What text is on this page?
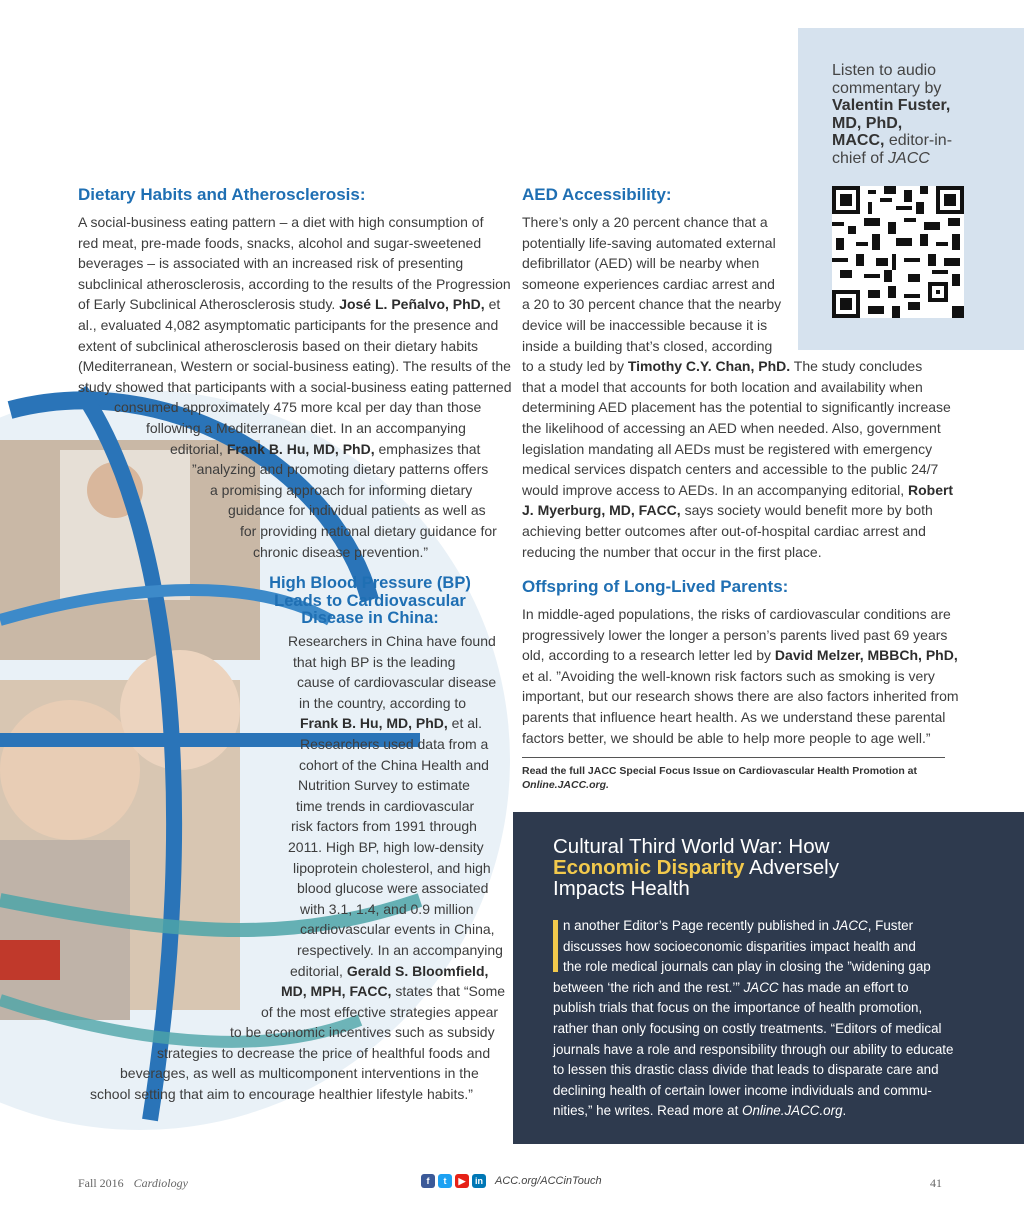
Listen to audio
commentary by
Valentin Fuster,
MD, PhD,
MACC, editor-in-
chief of JACC
Dietary Habits and Atherosclerosis:
A social-business eating pattern – a diet with high consumption of
red meat, pre-made foods, snacks, alcohol and sugar-sweetened
beverages – is associated with an increased risk of presenting
subclinical atherosclerosis, according to the results of the Progression
of Early Subclinical Atherosclerosis study. José L. Peñalvo, PhD, et
al., evaluated 4,082 asymptomatic participants for the presence and
extent of subclinical atherosclerosis based on their dietary habits
(Mediterranean, Western or social-business eating). The results of the
study showed that participants with a social-business eating patterned
consumed approximately 475 more kcal per day than those
following a Mediterranean diet. In an accompanying
editorial, Frank B. Hu, MD, PhD, emphasizes that
”analyzing and promoting dietary patterns offers
a promising approach for informing dietary
guidance for individual patients as well as
for providing national dietary guidance for
chronic disease prevention.”
High Blood Pressure (BP)
Leads to Cardiovascular
Disease in China:
Researchers in China have found
that high BP is the leading
cause of cardiovascular disease
in the country, according to
Frank B. Hu, MD, PhD, et al.
Researchers used data from a
cohort of the China Health and
Nutrition Survey to estimate
time trends in cardiovascular
risk factors from 1991 through
2011. High BP, high low-density
lipoprotein cholesterol, and high
blood glucose were associated
with 3.1, 1.4, and 0.9 million
cardiovascular events in China,
respectively. In an accompanying
editorial, Gerald S. Bloomfield,
MD, MPH, FACC, states that “Some
of the most effective strategies appear
to be economic incentives such as subsidy
strategies to decrease the price of healthful foods and
beverages, as well as multicomponent interventions in the
school setting that aim to encourage healthier lifestyle habits.”
AED Accessibility:
There’s only a 20 percent chance that a
potentially life-saving automated external
defibrillator (AED) will be nearby when
someone experiences cardiac arrest and
a 20 to 30 percent chance that the nearby
device will be inaccessible because it is
inside a building that’s closed, according
to a study led by Timothy C.Y. Chan, PhD. The study concludes
that a model that accounts for both location and availability when
determining AED placement has the potential to significantly increase
the likelihood of accessing an AED when needed. Also, government
legislation mandating all AEDs must be registered with emergency
medical services dispatch centers and accessible to the public 24/7
would improve access to AEDs. In an accompanying editorial, Robert
J. Myerburg, MD, FACC, says society would benefit more by both
achieving better outcomes after out-of-hospital cardiac arrest and
reducing the number that occur in the first place.
Offspring of Long-Lived Parents:
In middle-aged populations, the risks of cardiovascular conditions are
progressively lower the longer a person’s parents lived past 69 years
old, according to a research letter led by David Melzer, MBBCh, PhD,
et al. ”Avoiding the well-known risk factors such as smoking is very
important, but our research shows there are also factors inherited from
parents that influence heart health. As we understand these parental
factors better, we should be able to help more people to age well.”
Read the full JACC Special Focus Issue on Cardiovascular Health Promotion at
Online.JACC.org.
Cultural Third World War: How
Economic Disparity Adversely
Impacts Health
n another Editor’s Page recently published in JACC, Fuster
discusses how socioeconomic disparities impact health and
the role medical journals can play in closing the ”widening gap
between ‘the rich and the rest.’” JACC has made an effort to
publish trials that focus on the importance of health promotion,
rather than only focusing on costly treatments. “Editors of medical
journals have a role and responsibility through our ability to educate
to lessen this drastic class divide that leads to disparate care and
declining health of certain lower income individuals and commu-
nities,” he writes. Read more at Online.JACC.org.
Fall 2016 Cardiology	f	t	▶	in ACC.org/ACCinTouch	41
